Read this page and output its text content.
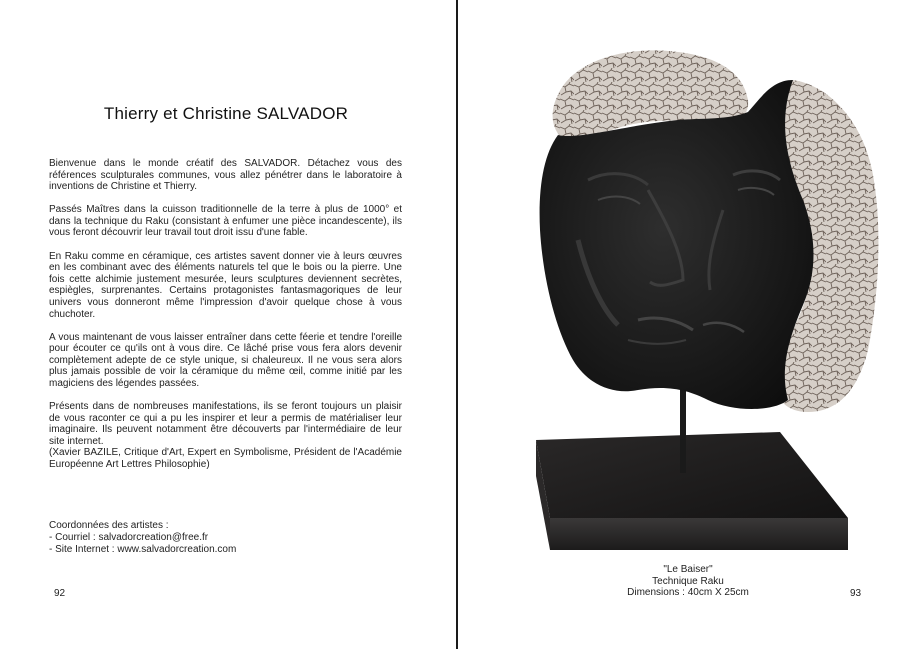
Thierry et Christine SALVADOR

Bienvenue dans le monde créatif des SALVADOR. Détachez vous des références sculpturales communes, vous allez pénétrer dans le laboratoire à inventions de Christine et Thierry.

Passés Maîtres dans la cuisson traditionnelle de la terre à plus de 1000° et dans la technique du Raku (consistant à enfumer une pièce incandescente), ils vous feront découvrir leur travail tout droit issu d'une fable.

En Raku comme en céramique, ces artistes savent donner vie à leurs œuvres en les combinant avec des éléments naturels tel que le bois ou la pierre. Une fois cette alchimie justement mesurée, leurs sculptures deviennent secrètes, espiègles, surprenantes. Certains protagonistes fantasmagoriques de leur univers vous donneront même l'impression d'avoir quelque chose à vous chuchoter.

A vous maintenant de vous laisser entraîner dans cette féerie et tendre l'oreille pour écouter ce qu'ils ont à vous dire. Ce lâché prise vous fera alors devenir complètement adepte de ce style unique, si chaleureux. Il ne vous sera alors plus jamais possible de voir la céramique du même œil, comme initié par les magiciens des légendes passées.

Présents dans de nombreuses manifestations, ils se feront toujours un plaisir de vous raconter ce qui a pu les inspirer et leur a permis de matérialiser leur imaginaire. Ils peuvent notamment être découverts par l'intermédiaire de leur site internet.

(Xavier BAZILE, Critique d'Art, Expert en Symbolisme, Président de l'Académie Européenne Art Lettres Philosophie)

Coordonnées des artistes :
- Courriel : salvadorcreation@free.fr
- Site Internet : www.salvadorcreation.com
92
"Le Baiser"
Technique Raku
Dimensions : 40cm X 25cm	93
